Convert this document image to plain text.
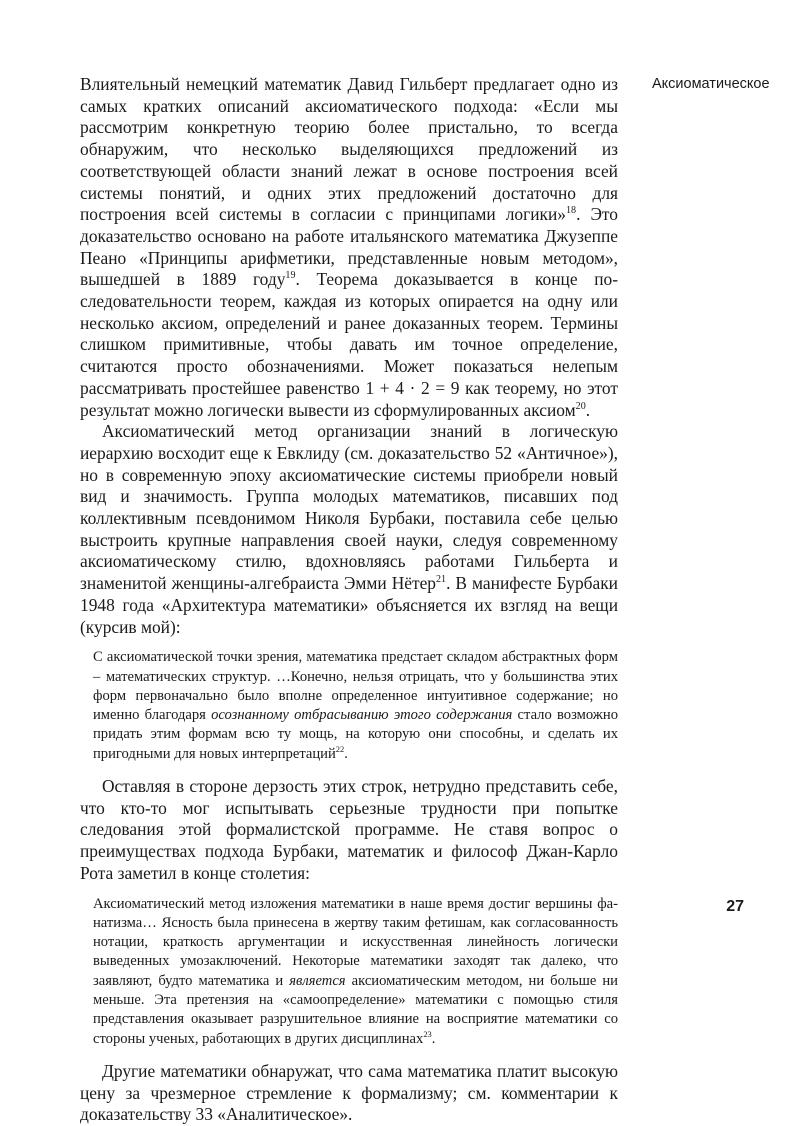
Аксиоматическое

Влиятельный немецкий математик Давид Гильберт предлагает одно из самых кратких описаний аксиоматического подхода: «Если мы рассмотрим конкретную теорию более пристально, то всегда обнаружим, что несколько выделяющихся предложений из соответствующей области знаний лежат в основе построения всей системы понятий, и одних этих предложений достаточно для построения всей системы в согласии с принципами логики»$^{18}$. Это доказательство основано на работе итальянского математика Джузеппе Пеано «Принципы арифметики, представленные новым методом», вышедшей в 1889 году$^{19}$. Теорема доказывается в конце последовательности теорем, каждая из которых опирается на одну или несколько аксиом, определений и ранее доказанных теорем. Термины слишком примитивные, чтобы давать им точное определение, считаются просто обозначениями. Может показаться нелепым рассматривать простейшее равенство 1 + 4 · 2 = 9 как теорему, но этот результат можно логически вывести из сформулированных аксиом$^{20}$.

Аксиоматический метод организации знаний в логическую иерархию восходит еще к Евклиду (см. доказательство 52 «Античное»), но в современную эпоху аксиоматические системы приобрели новый вид и значимость. Группа молодых математиков, писавших под коллективным псевдонимом Николя Бурбаки, поставила себе целью выстроить крупные направления своей науки, следуя современному аксиоматическому стилю, вдохновляясь работами Гильберта и знаменитой женщины-алгебраиста Эмми Нётер$^{21}$. В манифесте Бурбаки 1948 года «Архитектура математики» объясняется их взгляд на вещи (курсив мой):

С аксиоматической точки зрения, математика предстает складом абстрактных форм – математических структур. …Конечно, нельзя отрицать, что у большинства этих форм первоначально было вполне определенное интуитивное содержание; но именно благодаря осознанному отбрасыванию этого содержания стало возможно придать этим формам всю ту мощь, на которую они способны, и сделать их пригодными для новых интерпретаций$^{22}$.

Оставляя в стороне дерзость этих строк, нетрудно представить себе, что кто-то мог испытывать серьезные трудности при попытке следования этой формалистской программе. Не ставя вопрос о преимуществах подхода Бурбаки, математик и философ Джан-Карло Рота заметил в конце столетия:

Аксиоматический метод изложения математики в наше время достиг вершины фанатизма… Ясность была принесена в жертву таким фетишам, как согласованность нотации, краткость аргументации и искусственная линейность логически выведенных умозаключений. Некоторые математики заходят так далеко, что заявляют, будто математика и является аксиоматическим методом, ни больше ни меньше. Эта претензия на «самоопределение» математики с помощью стиля представления оказывает разрушительное влияние на восприятие математики со стороны ученых, работающих в других дисциплинах$^{23}$.

Другие математики обнаружат, что сама математика платит высокую цену за чрезмерное стремление к формализму; см. комментарии к доказательству 33 «Аналитическое».

27
